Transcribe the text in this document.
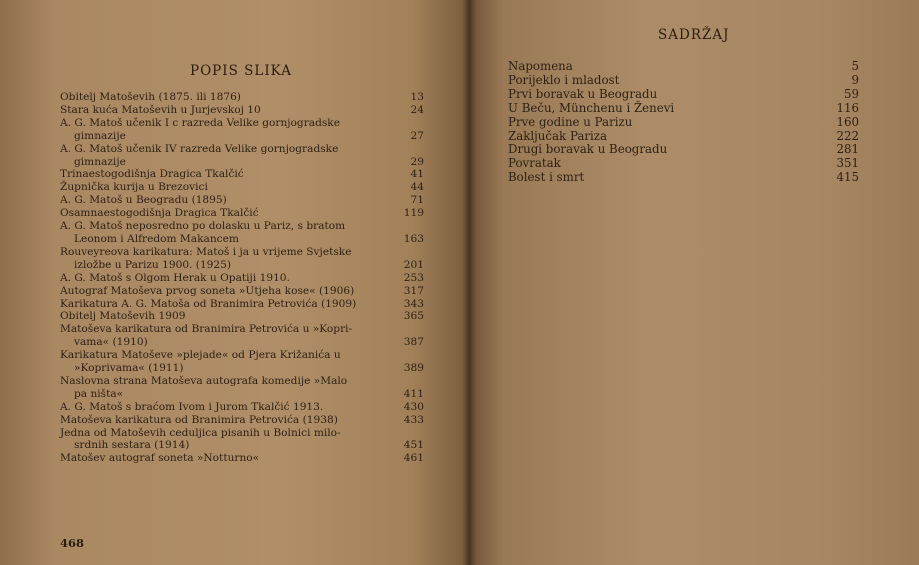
POPIS SLIKA
Obitelj Matoševih (1875. ili 1876)	13
Stara kuća Matoševih u Jurjevskoj 10	24
A. G. Matoš učenik I c razreda Velike gornjogradske
gimnazije	27
A. G. Matoš učenik IV razreda Velike gornjogradske
gimnazije	29
Trinaestogodišnja Dragica Tkalčić	41
Župnička kurija u Brezovici	44
A. G. Matoš u Beogradu (1895)	71
Osamnaestogodišnja Dragica Tkalčić	119
A. G. Matoš neposredno po dolasku u Pariz, s bratom
Leonom i Alfredom Makancem	163
Rouveyreova karikatura: Matoš i ja u vrijeme Svjetske
izložbe u Parizu 1900. (1925)	201
A. G. Matoš s Olgom Herak u Opatiji 1910.	253
Autograf Matoševa prvog soneta »Utjeha kose« (1906)	317
Karikatura A. G. Matoša od Branimira Petrovića (1909)	343
Obitelj Matoševih 1909	365
Matoševa karikatura od Branimira Petrovića u »Kopri-
vama« (1910)	387
Karikatura Matoševe »plejade« od Pjera Križanića u
»Koprivama« (1911)	389
Naslovna strana Matoševa autografa komedije »Malo
pa ništa«	411
A. G. Matoš s braćom Ivom i Jurom Tkalčić 1913.	430
Matoševa karikatura od Branimira Petrovića (1938)	433
Jedna od Matoševih ceduljica pisanih u Bolnici milo-
srdnih sestara (1914)	451
Matošev autograf soneta »Notturno«	461
468
SADRŽAJ
Napomena	5
Porijeklo i mladost	9
Prvi boravak u Beogradu	59
U Beču, Münchenu i Ženevi	116
Prve godine u Parizu	160
Zaključak Pariza	222
Drugi boravak u Beogradu	281
Povratak	351
Bolest i smrt	415
